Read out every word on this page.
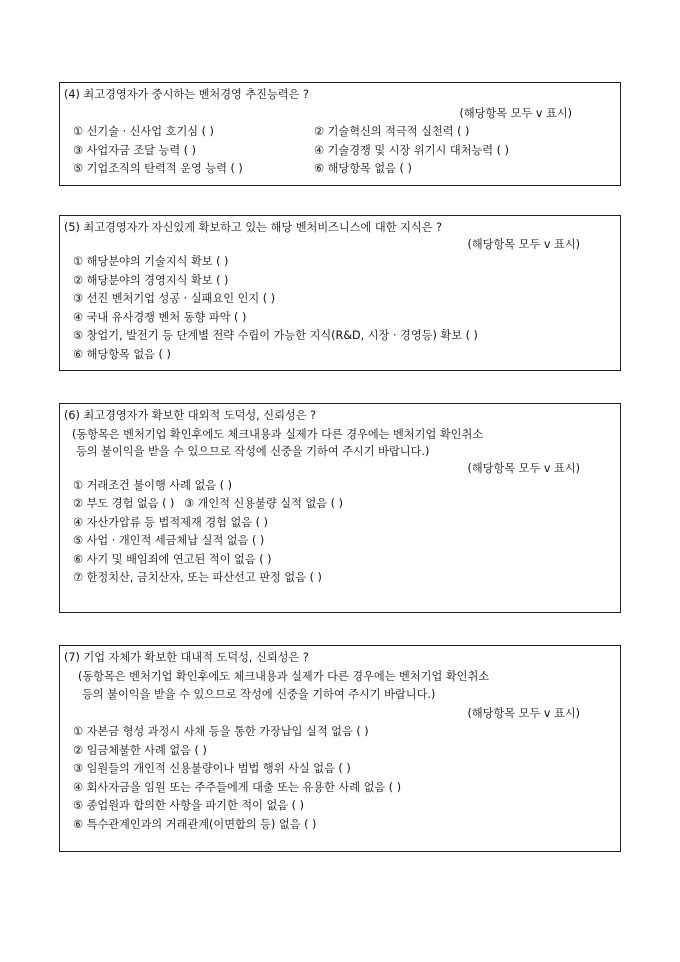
(4) 최고경영자가 중시하는 벤처경영 추진능력은 ?
(해당항목 모두 v 표시)
① 신기술 · 신사업 호기심 ( )	② 기술혁신의 적극적 실천력 ( )
③ 사업자금 조달 능력 ( )	④ 기술경쟁 및 시장 위기시 대처능력 ( )
⑤ 기업조직의 탄력적 운영 능력 ( )	⑥ 해당항목 없음 ( )
(5) 최고경영자가 자신있게 확보하고 있는 해당 벤처비즈니스에 대한 지식은 ?
(해당항목 모두 v 표시)
① 해당분야의 기술지식 확보 ( )
② 해당분야의 경영지식 확보 ( )
③ 선진 벤처기업 성공 · 실패요인 인지 ( )
④ 국내 유사경쟁 벤처 동향 파악 ( )
⑤ 창업기, 발전기 등 단계별 전략 수립이 가능한 지식(R&D, 시장 · 경영등) 확보 ( )
⑥ 해당항목 없음 ( )
(6) 최고경영자가 확보한 대외적 도덕성, 신뢰성은 ?
(동항목은 벤처기업 확인후에도 체크내용과 실제가 다른 경우에는 벤처기업 확인취소
등의 불이익을 받을 수 있으므로 작성에 신중을 기하여 주시기 바랍니다.)
(해당항목 모두 v 표시)
① 거래조건 불이행 사례 없음 ( )
② 부도 경험 없음 ( ) ③ 개인적 신용불량 실적 없음 ( )
④ 자산가압류 등 법적제재 경험 없음 ( )
⑤ 사업 · 개인적 세금체납 실적 없음 ( )
⑥ 사기 및 배임죄에 연고된 적이 없음 ( )
⑦ 한정치산, 금치산자, 또는 파산선고 판정 없음 ( )
(7) 기업 자체가 확보한 대내적 도덕성, 신뢰성은 ?
(동항목은 벤처기업 확인후에도 체크내용과 실제가 다른 경우에는 벤처기업 확인취소
등의 불이익을 받을 수 있으므로 작성에 신중을 기하여 주시기 바랍니다.)
(해당항목 모두 v 표시)
① 자본금 형성 과정시 사채 등을 통한 가장납입 실적 없음 ( )
② 임금체불한 사례 없음 ( )
③ 임원들의 개인적 신용불량이나 범법 행위 사실 없음 ( )
④ 회사자금을 임원 또는 주주들에게 대출 또는 유용한 사례 없음 ( )
⑤ 종업원과 합의한 사항을 파기한 적이 없음 ( )
⑥ 특수관계인과의 거래관계(이면합의 등) 없음 ( )
